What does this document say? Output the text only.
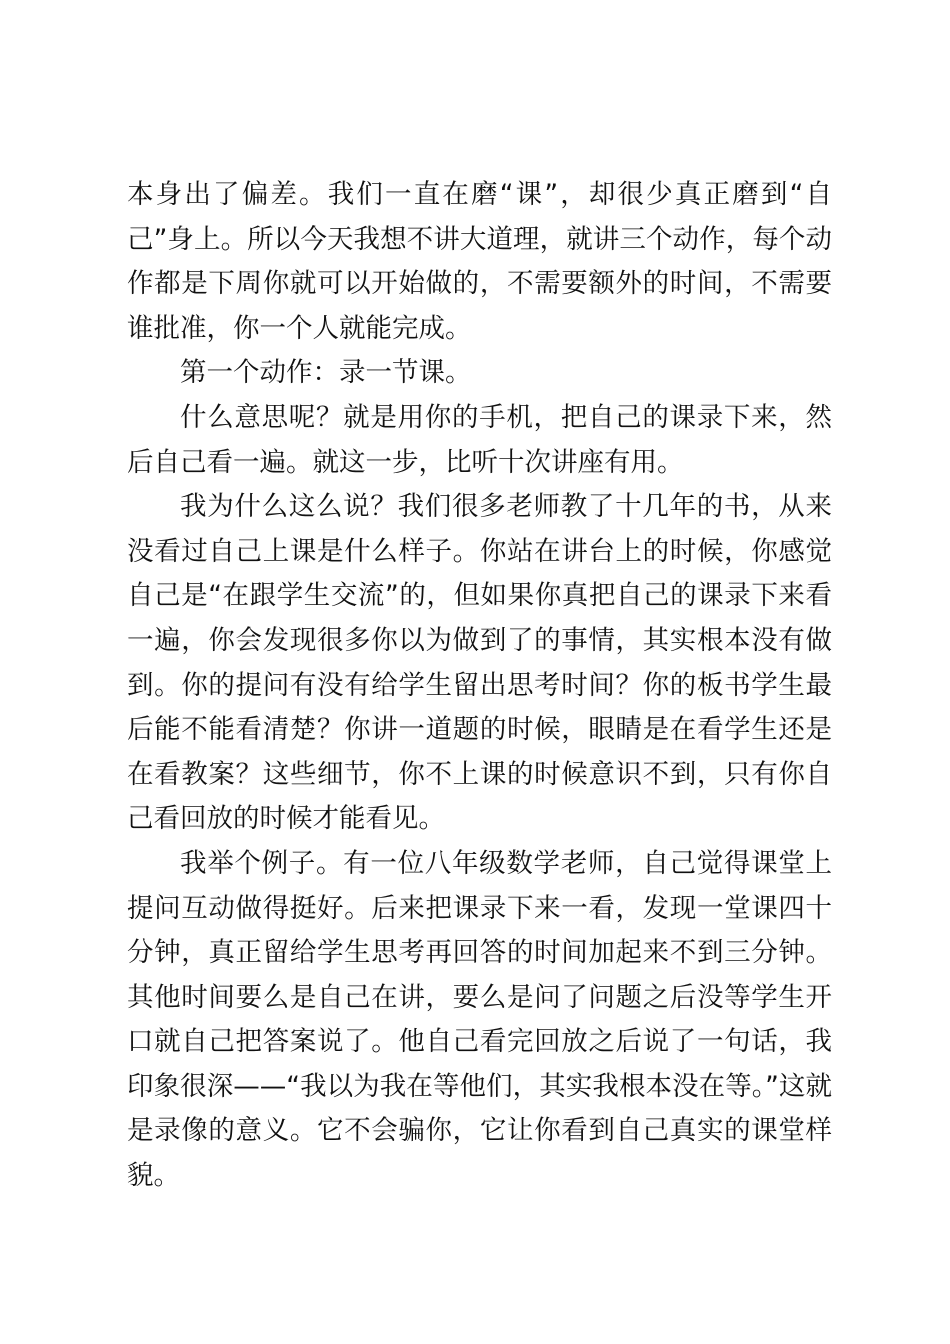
本身出了偏差。我们一直在磨“课”，却很少真正磨到“自己”身上。所以今天我想不讲大道理，就讲三个动作，每个动作都是下周你就可以开始做的，不需要额外的时间，不需要谁批准，你一个人就能完成。

第一个动作：录一节课。

什么意思呢？就是用你的手机，把自己的课录下来，然后自己看一遍。就这一步，比听十次讲座有用。

我为什么这么说？我们很多老师教了十几年的书，从来没看过自己上课是什么样子。你站在讲台上的时候，你感觉自己是“在跟学生交流”的，但如果你真把自己的课录下来看一遍，你会发现很多你以为做到了的事情，其实根本没有做到。你的提问有没有给学生留出思考时间？你的板书学生最后能不能看清楚？你讲一道题的时候，眼睛是在看学生还是在看教案？这些细节，你不上课的时候意识不到，只有你自己看回放的时候才能看见。

我举个例子。有一位八年级数学老师，自己觉得课堂上提问互动做得挺好。后来把课录下来一看，发现一堂课四十分钟，真正留给学生思考再回答的时间加起来不到三分钟。其他时间要么是自己在讲，要么是问了问题之后没等学生开口就自己把答案说了。他自己看完回放之后说了一句话，我印象很深——“我以为我在等他们，其实我根本没在等。”这就是录像的意义。它不会骗你，它让你看到自己真实的课堂样貌。
